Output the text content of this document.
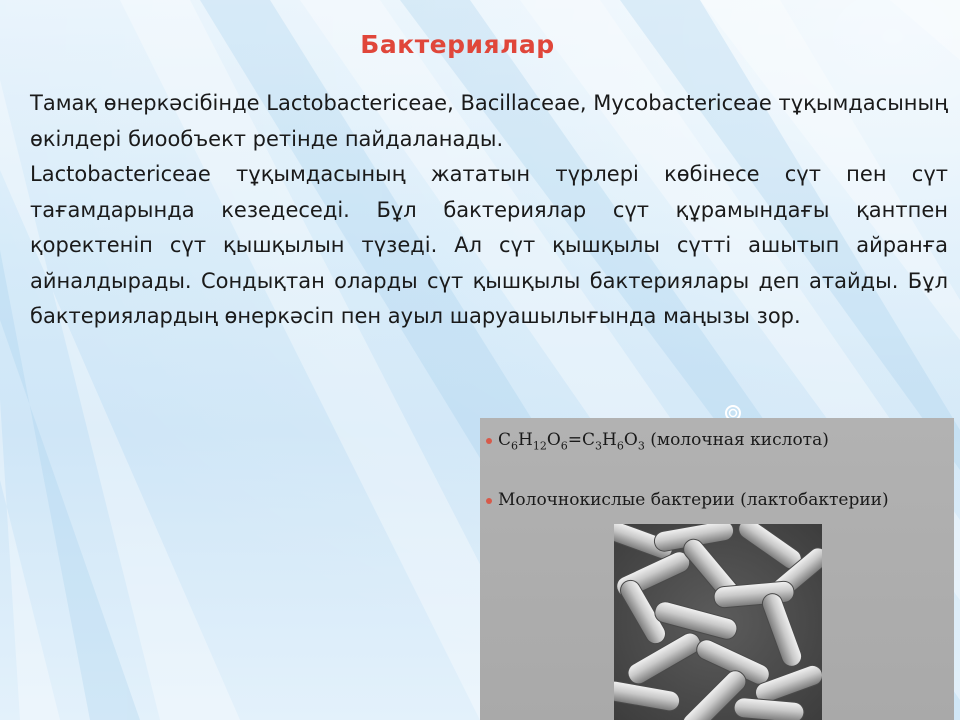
Бактериялар

Тамақ өнеркәсібінде Lactobactericeae, Bacillaceae, Mycobactericeae тұқымдасының өкілдері биообъект ретінде пайдаланады.

Lactobactericeae тұқымдасының жататын түрлері көбінесе сүт пен сүт тағамдарында кезедеседі. Бұл бактериялар сүт құрамындағы қантпен қоректеніп сүт қышқылын түзеді. Ал сүт қышқылы сүтті ашытып айранға айналдырады. Сондықтан оларды сүт қышқылы бактериялары деп атайды. Бұл бактериялардың өнеркәсіп пен ауыл шаруашылығында маңызы зор.

$C_6H_{12}O_6=C_3H_6O_3$ (молочная кислота)
Молочнокислые бактерии (лактобактерии)
